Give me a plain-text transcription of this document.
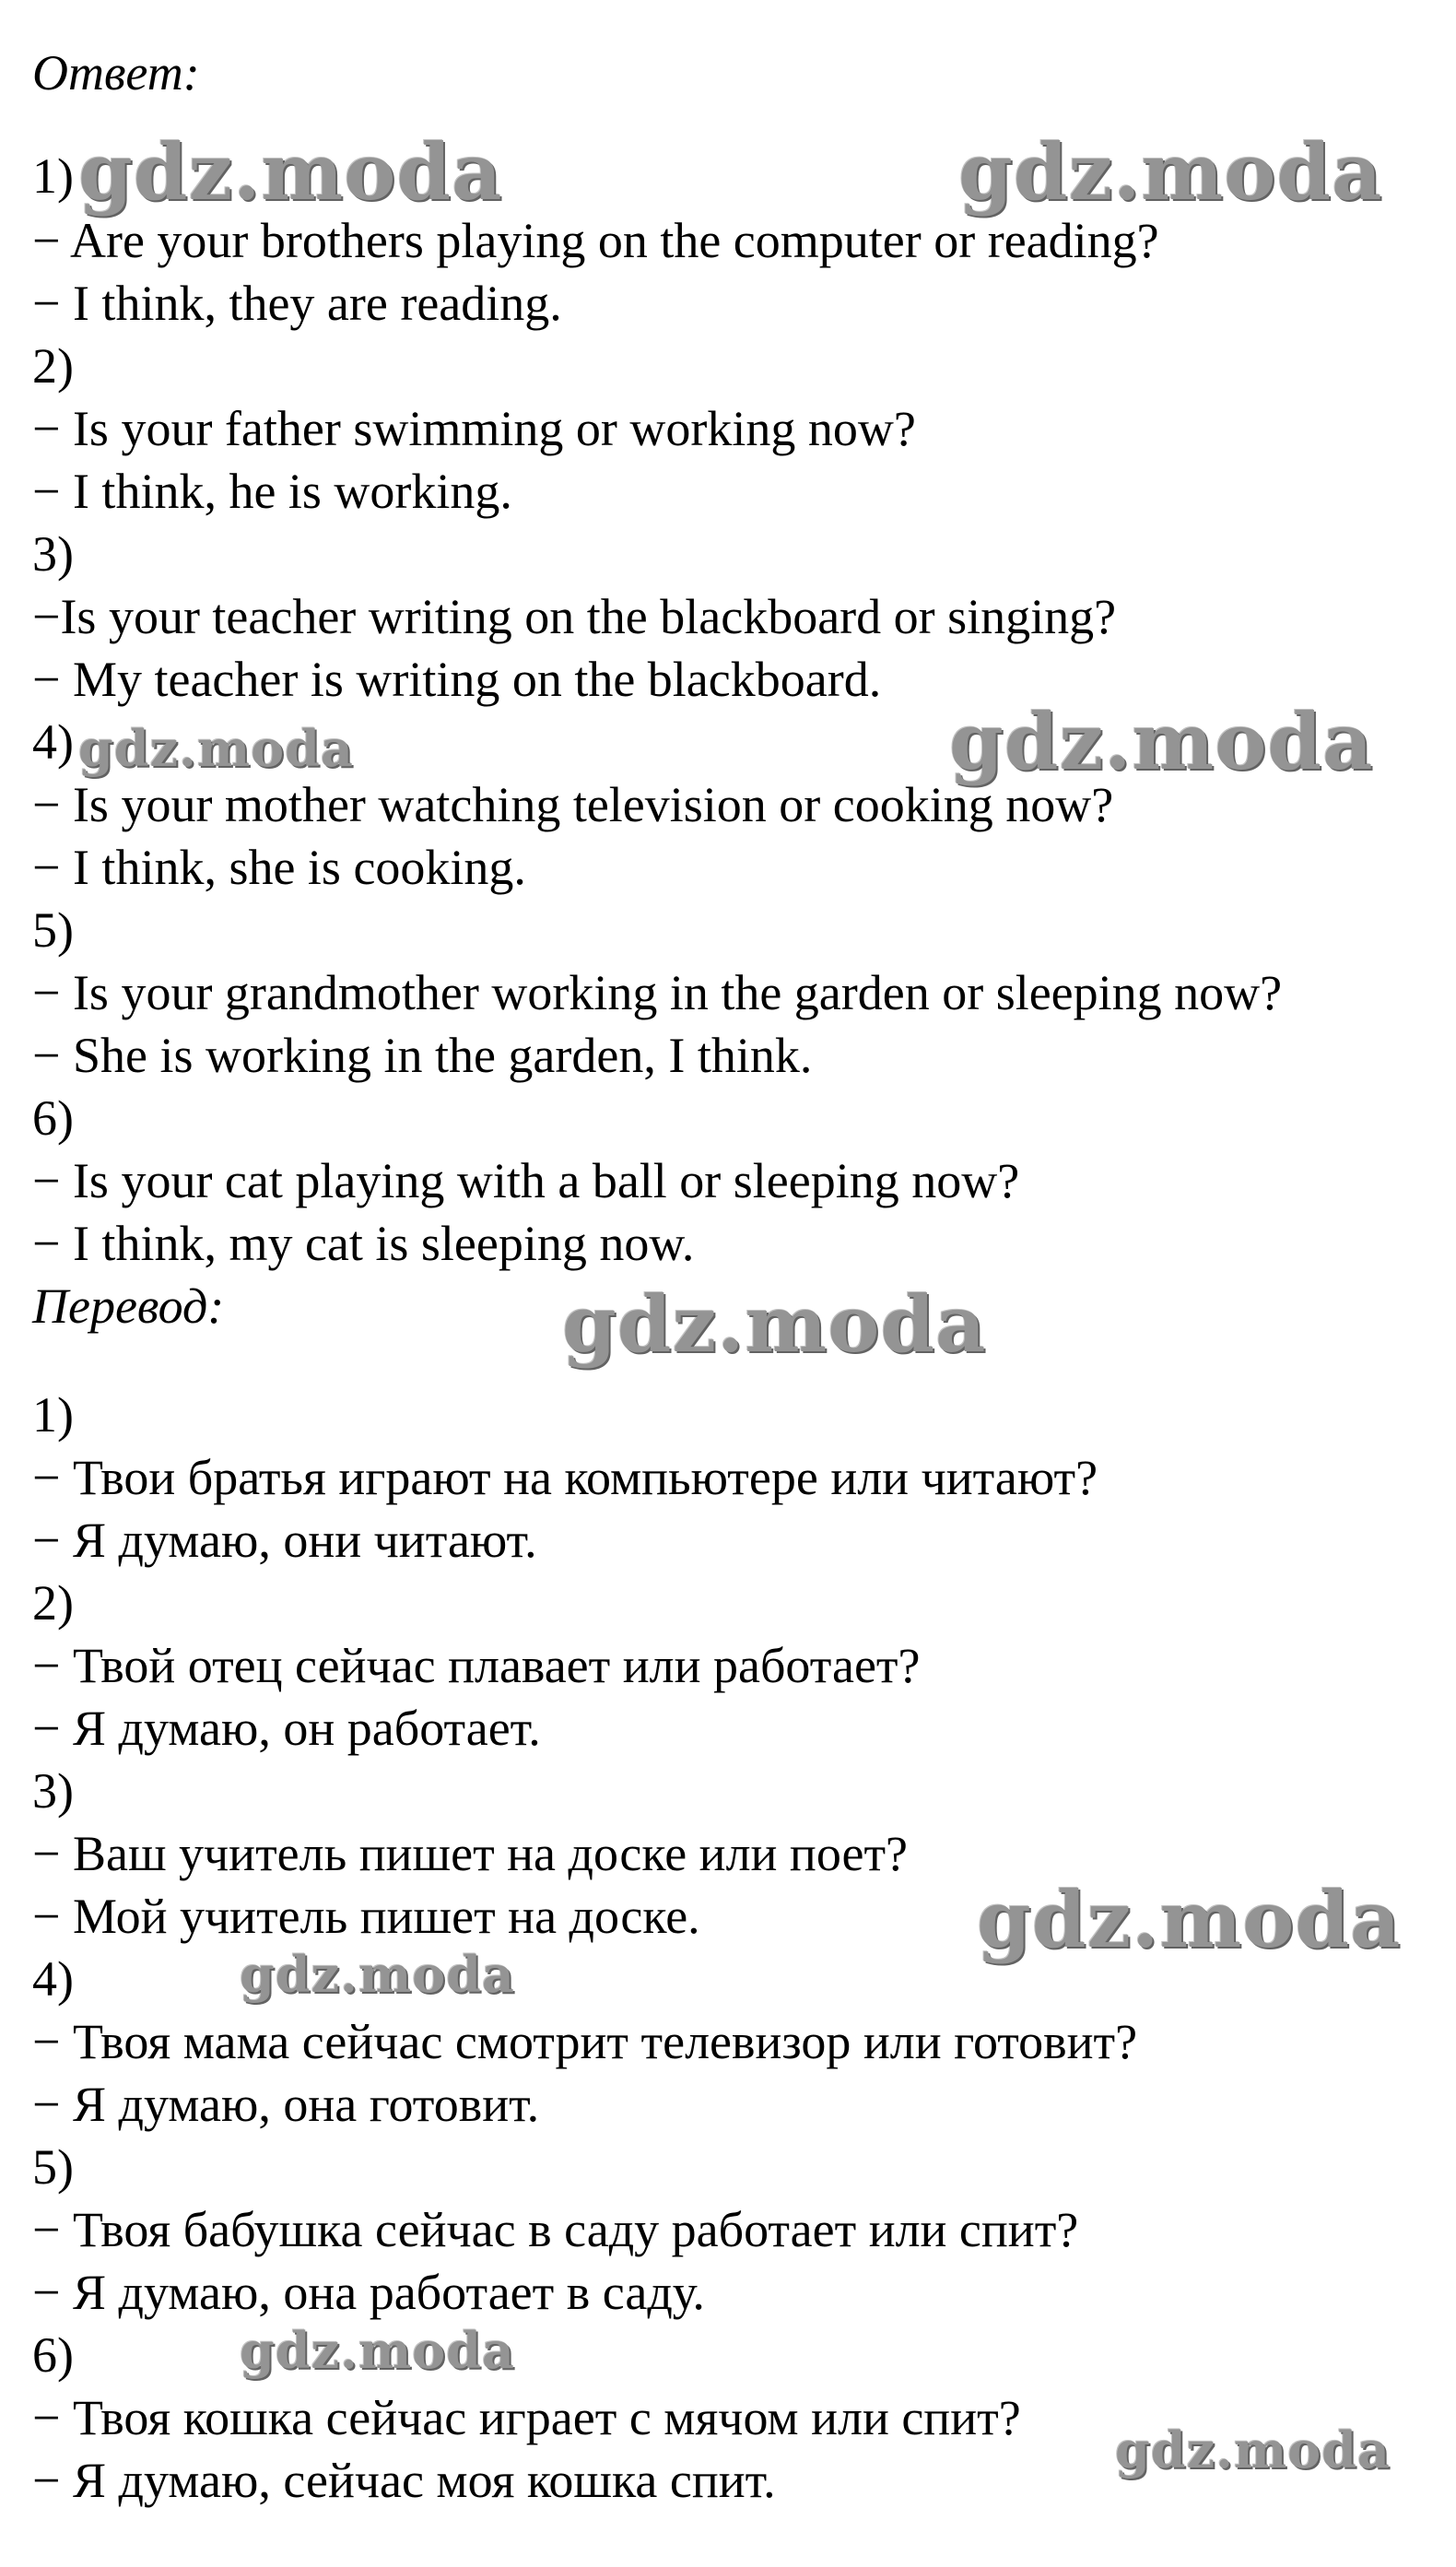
Ответ:
1)
− Are your brothers playing on the computer or reading?
− I think, they are reading.
2)
− Is your father swimming or working now?
− I think, he is working.
3)
−Is your teacher writing on the blackboard or singing?
− My teacher is writing on the blackboard.
4)
− Is your mother watching television or cooking now?
− I think, she is cooking.
5)
− Is your grandmother working in the garden or sleeping now?
− She is working in the garden, I think.
6)
− Is your cat playing with a ball or sleeping now?
− I think, my cat is sleeping now.
Перевод:
1)
− Твои братья играют на компьютере или читают?
− Я думаю, они читают.
2)
− Твой отец сейчас плавает или работает?
− Я думаю, он работает.
3)
− Ваш учитель пишет на доске или поет?
− Мой учитель пишет на доске.
4)
− Твоя мама сейчас смотрит телевизор или готовит?
− Я думаю, она готовит.
5)
− Твоя бабушка сейчас в саду работает или спит?
− Я думаю, она работает в саду.
6)
− Твоя кошка сейчас играет с мячом или спит?
− Я думаю, сейчас моя кошка спит.
gdz.moda	gdz.moda
gdz.moda	gdz.moda
gdz.moda
gdz.moda
gdz.moda
gdz.moda
gdz.moda
